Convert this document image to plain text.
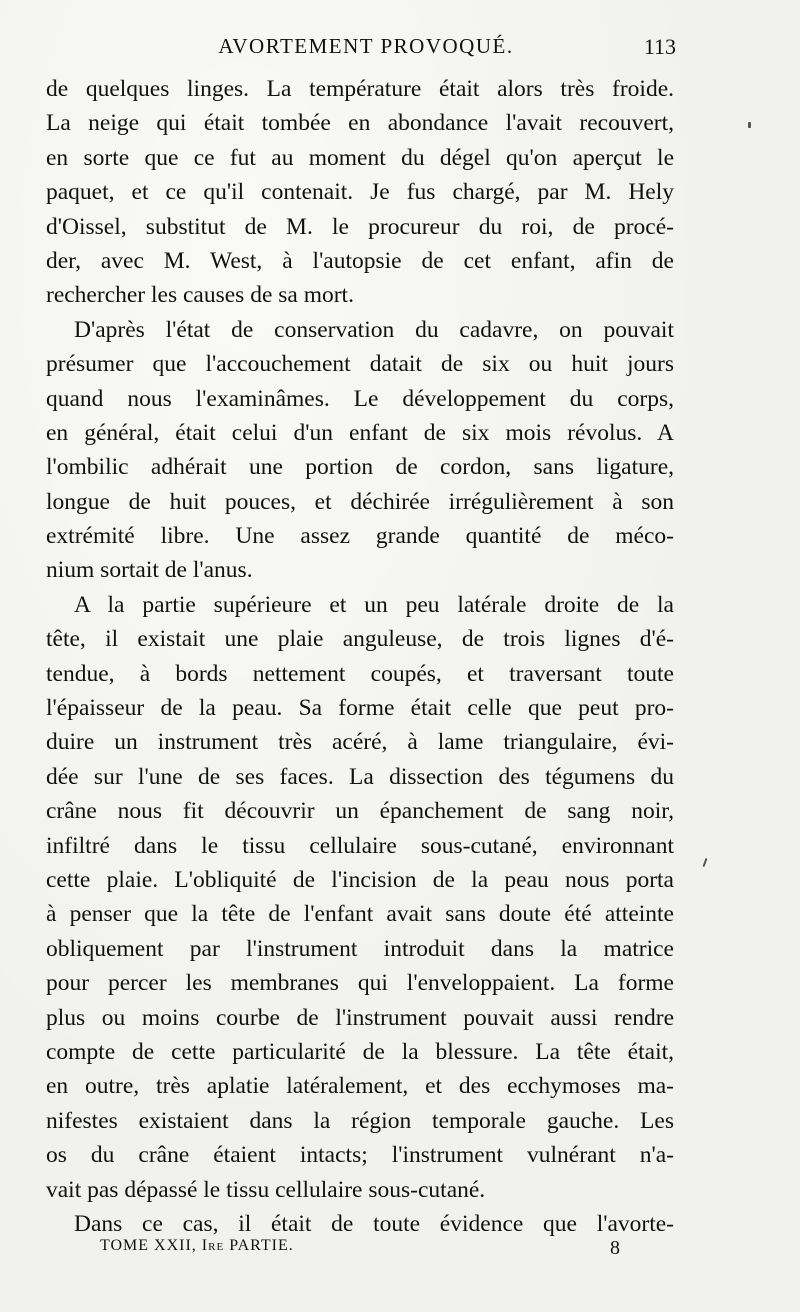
AVORTEMENT PROVOQUÉ.	113
de quelques linges. La température était alors très froide.
La neige qui était tombée en abondance l'avait recouvert,
en sorte que ce fut au moment du dégel qu'on aperçut le
paquet, et ce qu'il contenait. Je fus chargé, par M. Hely
d'Oissel, substitut de M. le procureur du roi, de procé-
der, avec M. West, à l'autopsie de cet enfant, afin de
rechercher les causes de sa mort.
D'après l'état de conservation du cadavre, on pouvait
présumer que l'accouchement datait de six ou huit jours
quand nous l'examinâmes. Le développement du corps,
en général, était celui d'un enfant de six mois révolus. A
l'ombilic adhérait une portion de cordon, sans ligature,
longue de huit pouces, et déchirée irrégulièrement à son
extrémité libre. Une assez grande quantité de méco-
nium sortait de l'anus.
A la partie supérieure et un peu latérale droite de la
tête, il existait une plaie anguleuse, de trois lignes d'é-
tendue, à bords nettement coupés, et traversant toute
l'épaisseur de la peau. Sa forme était celle que peut pro-
duire un instrument très acéré, à lame triangulaire, évi-
dée sur l'une de ses faces. La dissection des tégumens du
crâne nous fit découvrir un épanchement de sang noir,
infiltré dans le tissu cellulaire sous-cutané, environnant
cette plaie. L'obliquité de l'incision de la peau nous porta
à penser que la tête de l'enfant avait sans doute été atteinte
obliquement par l'instrument introduit dans la matrice
pour percer les membranes qui l'enveloppaient. La forme
plus ou moins courbe de l'instrument pouvait aussi rendre
compte de cette particularité de la blessure. La tête était,
en outre, très aplatie latéralement, et des ecchymoses ma-
nifestes existaient dans la région temporale gauche. Les
os du crâne étaient intacts; l'instrument vulnérant n'a-
vait pas dépassé le tissu cellulaire sous-cutané.
Dans ce cas, il était de toute évidence que l'avorte-
TOME XXII, Ire PARTIE.	8
